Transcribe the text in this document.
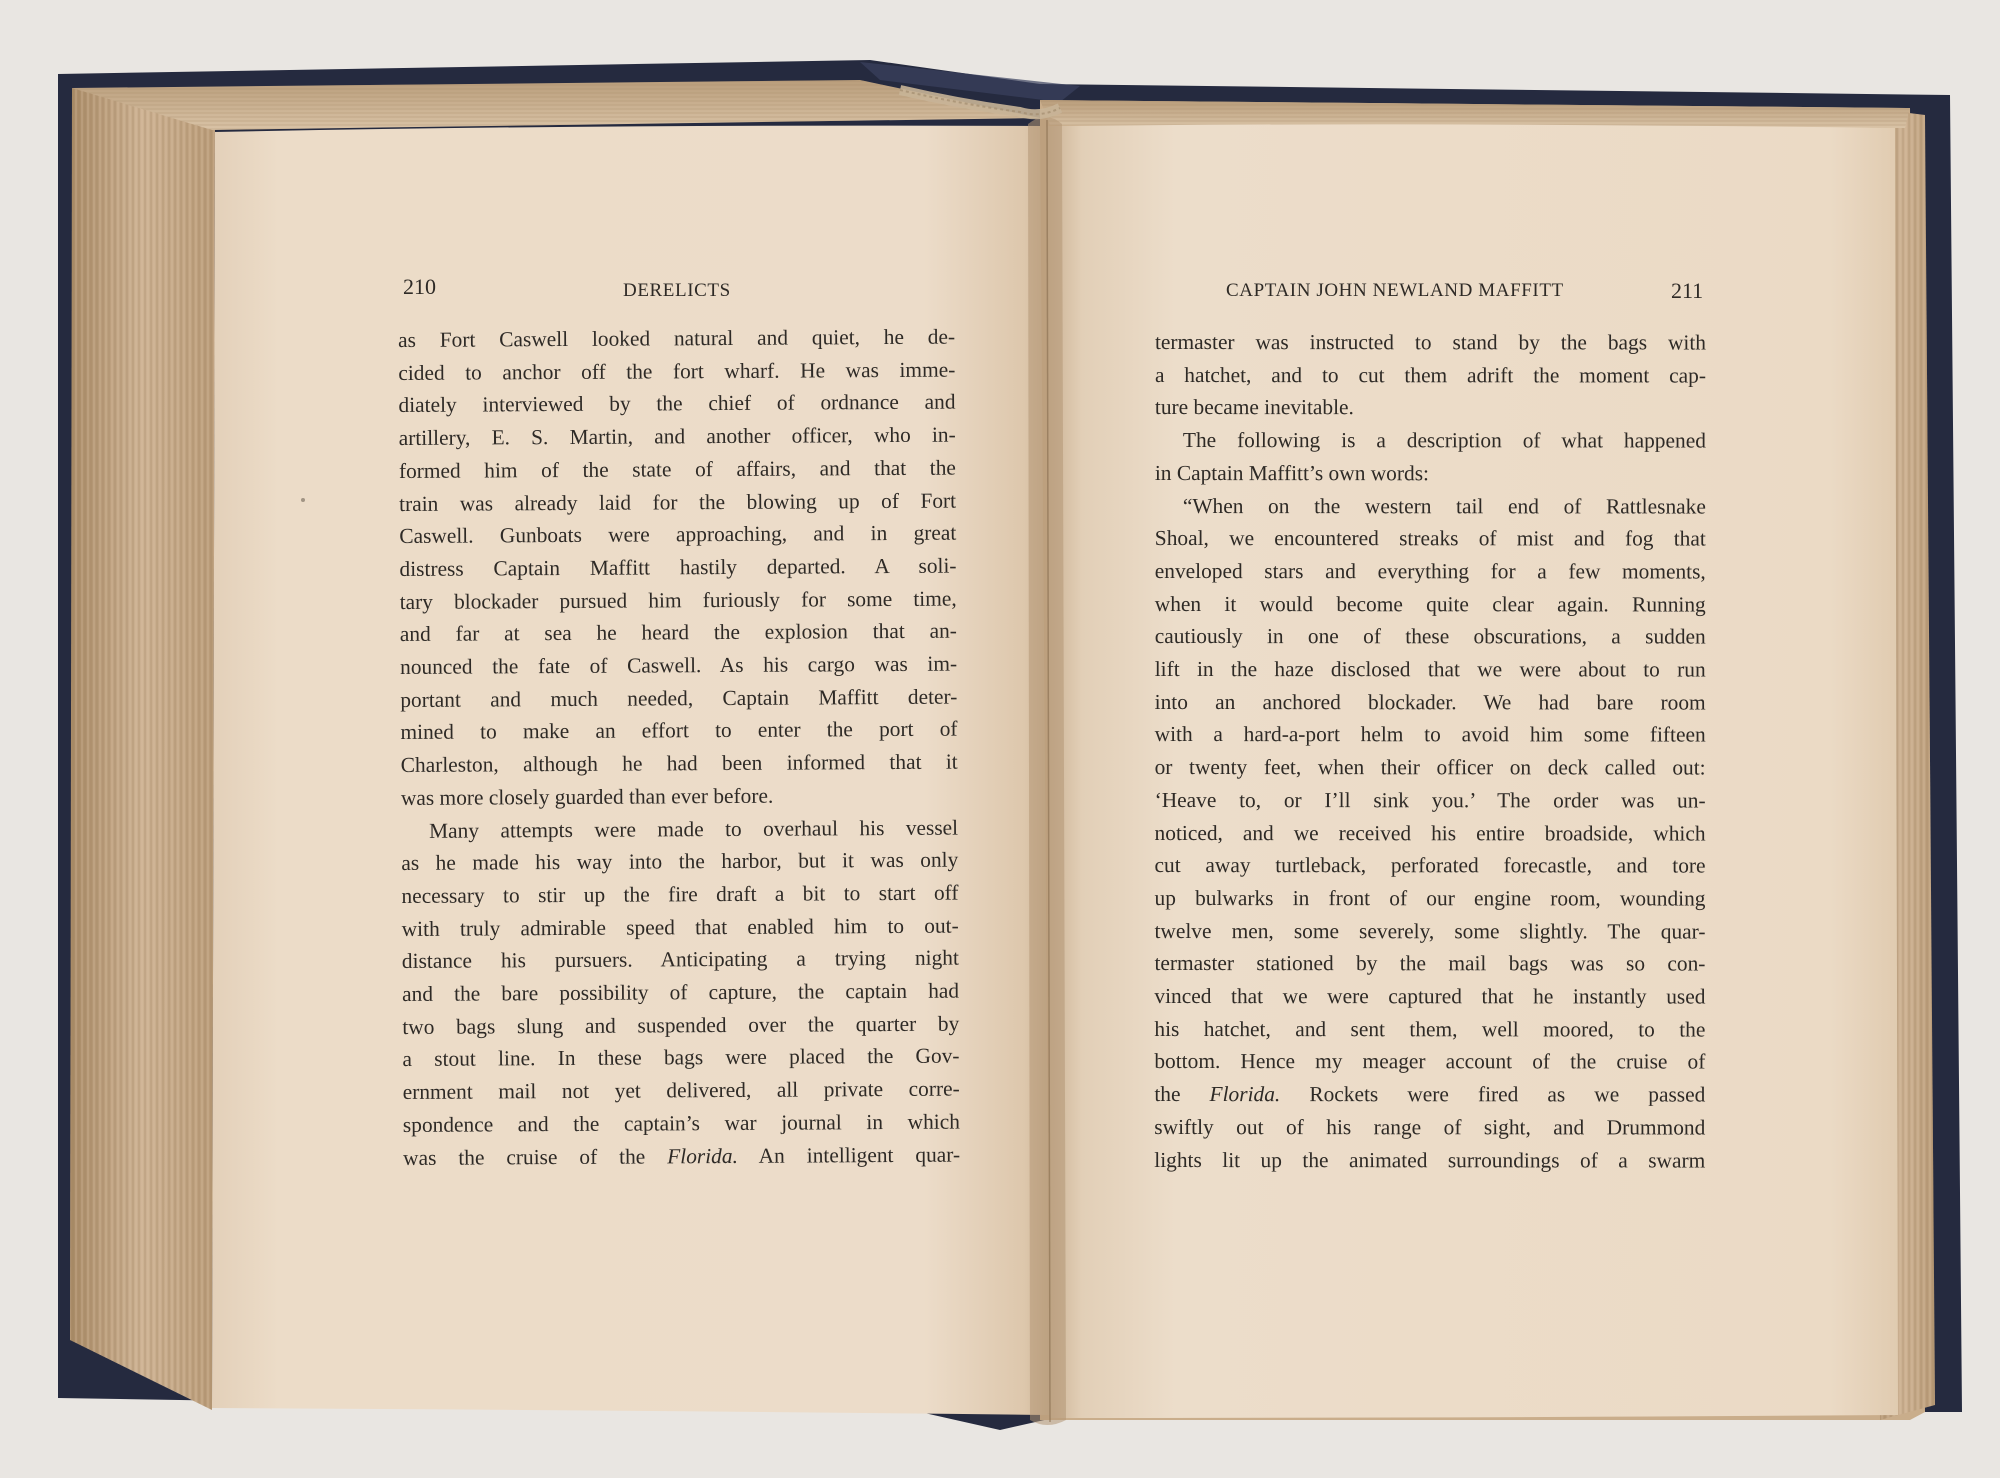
210	DERELICTS	CAPTAIN JOHN NEWLAND MAFFITT	211

as Fort Caswell looked natural and quiet, he de-

cided to anchor off the fort wharf. He was imme-

diately interviewed by the chief of ordnance and

artillery, E. S. Martin, and another officer, who in-

formed him of the state of affairs, and that the

train was already laid for the blowing up of Fort

Caswell. Gunboats were approaching, and in great

distress Captain Maffitt hastily departed. A soli-

tary blockader pursued him furiously for some time,

and far at sea he heard the explosion that an-

nounced the fate of Caswell. As his cargo was im-

portant and much needed, Captain Maffitt deter-

mined to make an effort to enter the port of

Charleston, although he had been informed that it

was more closely guarded than ever before.

Many attempts were made to overhaul his vessel

as he made his way into the harbor, but it was only

necessary to stir up the fire draft a bit to start off

with truly admirable speed that enabled him to out-

distance his pursuers. Anticipating a trying night

and the bare possibility of capture, the captain had

two bags slung and suspended over the quarter by

a stout line. In these bags were placed the Gov-

ernment mail not yet delivered, all private corre-

spondence and the captain’s war journal in which

was the cruise of the Florida. An intelligent quar-

termaster was instructed to stand by the bags with

a hatchet, and to cut them adrift the moment cap-

ture became inevitable.

The following is a description of what happened

in Captain Maffitt’s own words:

“When on the western tail end of Rattlesnake

Shoal, we encountered streaks of mist and fog that

enveloped stars and everything for a few moments,

when it would become quite clear again. Running

cautiously in one of these obscurations, a sudden

lift in the haze disclosed that we were about to run

into an anchored blockader. We had bare room

with a hard-a-port helm to avoid him some fifteen

or twenty feet, when their officer on deck called out:

‘Heave to, or I’ll sink you.’ The order was un-

noticed, and we received his entire broadside, which

cut away turtleback, perforated forecastle, and tore

up bulwarks in front of our engine room, wounding

twelve men, some severely, some slightly. The quar-

termaster stationed by the mail bags was so con-

vinced that we were captured that he instantly used

his hatchet, and sent them, well moored, to the

bottom. Hence my meager account of the cruise of

the Florida. Rockets were fired as we passed

swiftly out of his range of sight, and Drummond

lights lit up the animated surroundings of a swarm
